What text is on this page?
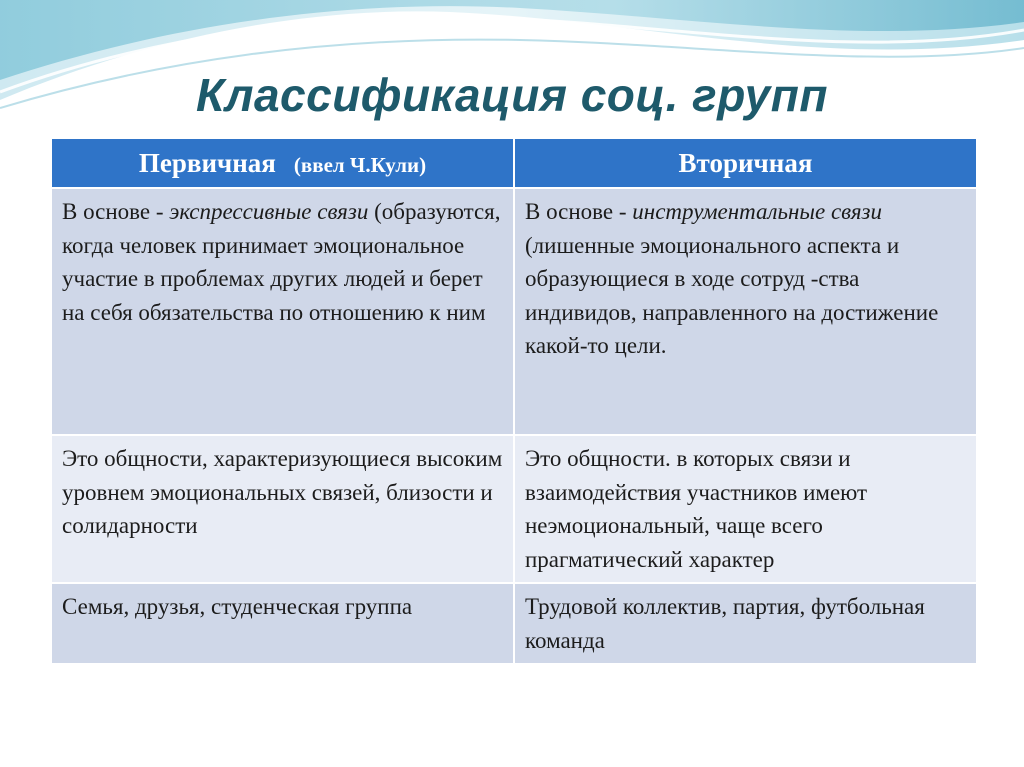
Классификация соц. групп
Первичная (ввел Ч.Кули)	Вторичная
В основе - экспрессивные связи (образуются, когда человек принимает эмоциональное участие в проблемах других людей и берет на себя обязательства по отношению к ним	В основе - инструментальные связи (лишенные эмоционального аспекта и образующиеся в ходе сотруд -ства индивидов, направленного на достижение какой-то цели.
Это общности, характеризующиеся высоким уровнем эмоциональных связей, близости и солидарности	Это общности. в которых связи и взаимодействия участников имеют неэмоциональный, чаще всего прагматический характер
Семья, друзья, студенческая группа	Трудовой коллектив, партия, футбольная команда
